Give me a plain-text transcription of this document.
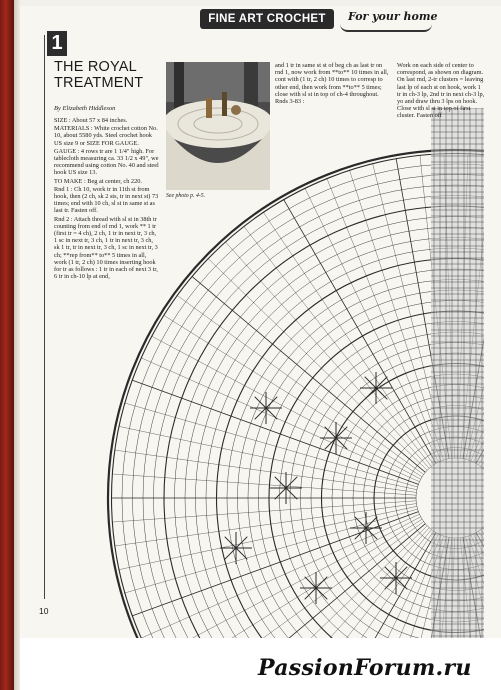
FINE ART CROCHET	For your home
1
THE ROYAL TREATMENT
By Elizabeth Hiddleson

SIZE : About 57 x 84 inches.

MATERIALS : White crochet cotton No. 10, about 5580 yds. Steel crochet hook US size 9 or SIZE FOR GAUGE.

GAUGE : 4 rows tr are 1 1/4" high. For tablecloth measuring ca. 33 1/2 x 49", we recommend using cotton No. 40 and steel hook US size 13.

TO MAKE : Beg at center, ch 220.

Rnd 1 : Ch 10, work tr in 11th st from hook, then (2 ch, sk 2 sts, tr in next st) 73 times; end with 10 ch, sl st in same st as last tr. Fasten off.

Rnd 2 : Attach thread with sl st in 38th tr counting from end of rnd 1, work ** 1 tr (first tr = 4 ch), 2 ch, 1 tr in next tr, 3 ch, 1 sc in next tr, 3 ch, 1 tr in next tr, 3 ch, sk 1 tr, tr in next tr, 3 ch, 1 sc in next tr, 3 ch; **rep from** to** 5 times in all, work (1 tr, 2 ch) 10 times inserting hook for tr as follows : 1 tr in each of next 3 tr, 6 tr in ch-10 lp at end,

See photo p. 4-5.
and 1 tr in same st st of beg ch as last tr on rnd 1, now work from **to** 10 times in all, cont with (1 tr, 2 ch) 10 times to corresp to other end, then work from **to** 5 times; close with sl st in top of ch-4 throughout. Rnds 3-83 :
Work on each side of center to correspond, as shown on diagram. On last rnd, 2-tr clusters = leaving last lp of each st on hook, work 1 tr in ch-3 lp, 2nd tr in next ch-3 lp, yo and draw thru 3 lps on hook. Close with sl st in top of first cluster. Fasten off
10
PassionForum.ru
